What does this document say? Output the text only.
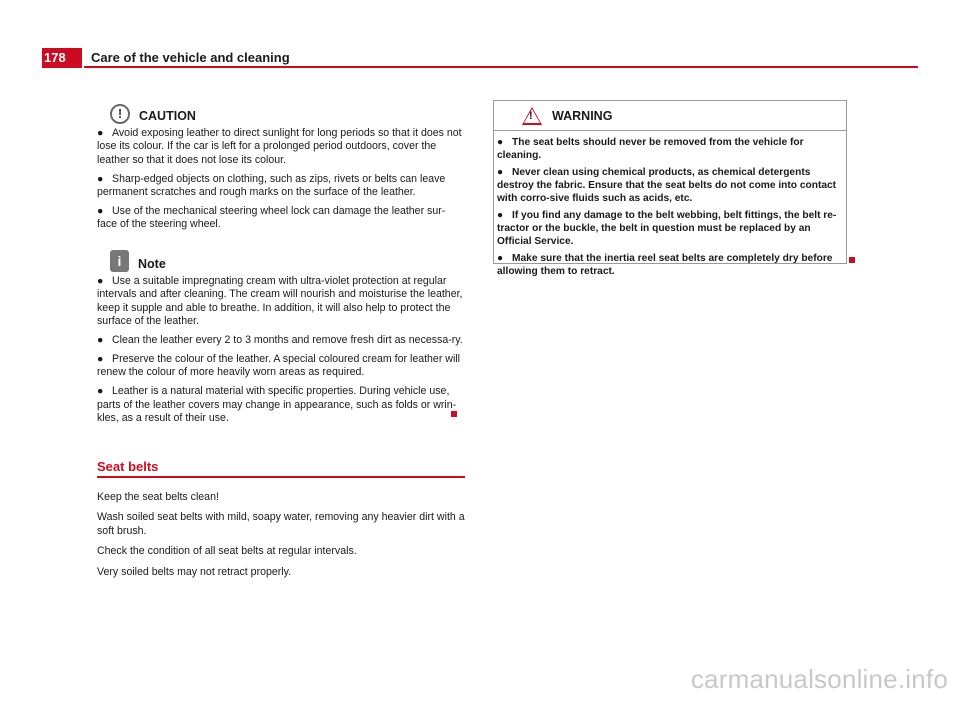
178	Care of the vehicle and cleaning
!	CAUTION

● Avoid exposing leather to direct sunlight for long periods so that it does not lose its colour. If the car is left for a prolonged period outdoors, cover the leather so that it does not lose its colour.

● Sharp-edged objects on clothing, such as zips, rivets or belts can leave permanent scratches and rough marks on the surface of the leather.

● Use of the mechanical steering wheel lock can damage the leather sur-face of the steering wheel.

i	Note

● Use a suitable impregnating cream with ultra-violet protection at regular intervals and after cleaning. The cream will nourish and moisturise the leather, keep it supple and able to breathe. In addition, it will also help to protect the surface of the leather.

● Clean the leather every 2 to 3 months and remove fresh dirt as necessa-ry.

● Preserve the colour of the leather. A special coloured cream for leather will renew the colour of more heavily worn areas as required.

● Leather is a natural material with specific properties. During vehicle use, parts of the leather covers may change in appearance, such as folds or wrin-kles, as a result of their use.

Seat belts

Keep the seat belts clean!

Wash soiled seat belts with mild, soapy water, removing any heavier dirt with a soft brush.

Check the condition of all seat belts at regular intervals.

Very soiled belts may not retract properly.

! WARNING

● The seat belts should never be removed from the vehicle for cleaning.

● Never clean using chemical products, as chemical detergents destroy the fabric. Ensure that the seat belts do not come into contact with corro-sive fluids such as acids, etc.

● If you find any damage to the belt webbing, belt fittings, the belt re-tractor or the buckle, the belt in question must be replaced by an Official Service.

● Make sure that the inertia reel seat belts are completely dry before allowing them to retract.

carmanualsonline.info
